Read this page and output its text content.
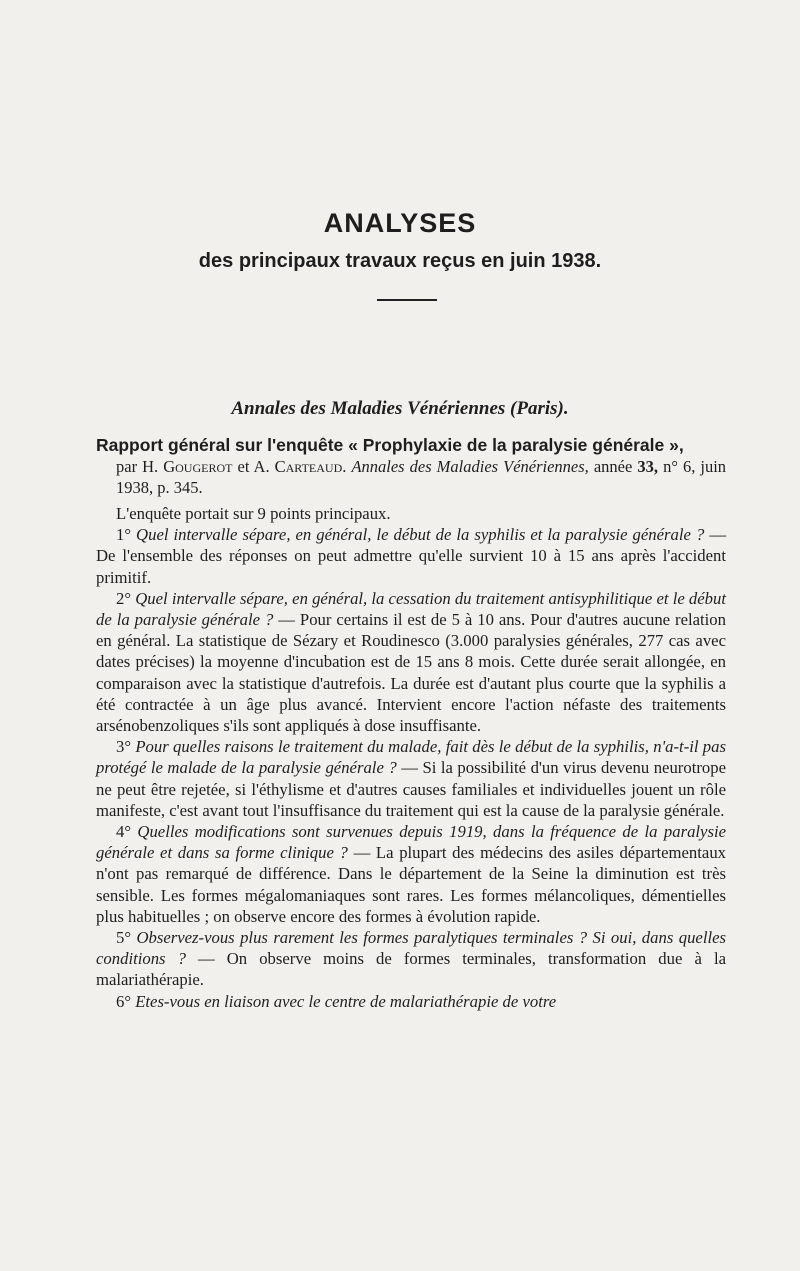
ANALYSES
des principaux travaux reçus en juin 1938.
Annales des Maladies Vénériennes (Paris).
Rapport général sur l'enquête « Prophylaxie de la paralysie générale »,
par H. Gougerot et A. Carteaud. Annales des Maladies Vénériennes, année 33, n° 6, juin 1938, p. 345.

L'enquête portait sur 9 points principaux.

1° Quel intervalle sépare, en général, le début de la syphilis et la paralysie générale ? — De l'ensemble des réponses on peut admettre qu'elle survient 10 à 15 ans après l'accident primitif.

2° Quel intervalle sépare, en général, la cessation du traitement antisyphilitique et le début de la paralysie générale ? — Pour certains il est de 5 à 10 ans. Pour d'autres aucune relation en général. La statistique de Sézary et Roudinesco (3.000 paralysies générales, 277 cas avec dates précises) la moyenne d'incubation est de 15 ans 8 mois. Cette durée serait allongée, en comparaison avec la statistique d'autrefois. La durée est d'autant plus courte que la syphilis a été contractée à un âge plus avancé. Intervient encore l'action néfaste des traitements arsénobenzoliques s'ils sont appliqués à dose insuffisante.

3° Pour quelles raisons le traitement du malade, fait dès le début de la syphilis, n'a-t-il pas protégé le malade de la paralysie générale ? — Si la possibilité d'un virus devenu neurotrope ne peut être rejetée, si l'éthylisme et d'autres causes familiales et individuelles jouent un rôle manifeste, c'est avant tout l'insuffisance du traitement qui est la cause de la paralysie générale.

4° Quelles modifications sont survenues depuis 1919, dans la fréquence de la paralysie générale et dans sa forme clinique ? — La plupart des médecins des asiles départementaux n'ont pas remarqué de différence. Dans le département de la Seine la diminution est très sensible. Les formes mégalomaniaques sont rares. Les formes mélancoliques, démentielles plus habituelles ; on observe encore des formes à évolution rapide.

5° Observez-vous plus rarement les formes paralytiques terminales ? Si oui, dans quelles conditions ? — On observe moins de formes terminales, transformation due à la malariathérapie.

6° Etes-vous en liaison avec le centre de malariathérapie de votre
